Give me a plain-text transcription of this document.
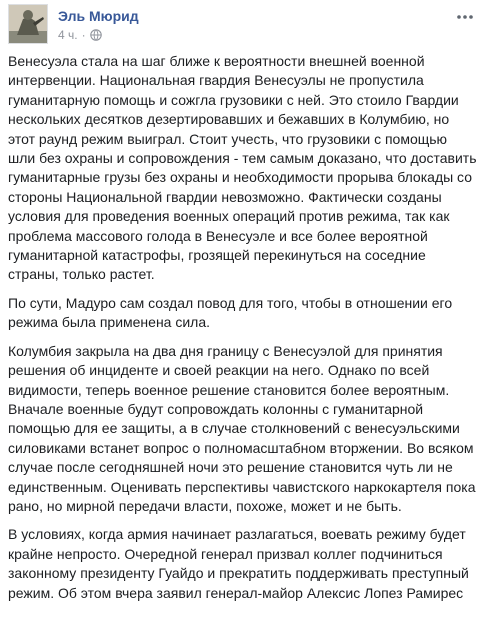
Эль Мюрид
4 ч. ·

Венесуэла стала на шаг ближе к вероятности внешней военной интервенции. Национальная гвардия Венесуэлы не пропустила гуманитарную помощь и сожгла грузовики с ней. Это стоило Гвардии нескольких десятков дезертировавших и бежавших в Колумбию, но этот раунд режим выиграл. Стоит учесть, что грузовики с помощью шли без охраны и сопровождения - тем самым доказано, что доставить гуманитарные грузы без охраны и необходимости прорыва блокады со стороны Национальной гвардии невозможно. Фактически созданы условия для проведения военных операций против режима, так как проблема массового голода в Венесуэле и все более вероятной гуманитарной катастрофы, грозящей перекинуться на соседние страны, только растет.

По сути, Мадуро сам создал повод для того, чтобы в отношении его режима была применена сила.

Колумбия закрыла на два дня границу с Венесуэлой для принятия решения об инциденте и своей реакции на него. Однако по всей видимости, теперь военное решение становится более вероятным. Вначале военные будут сопровождать колонны с гуманитарной помощью для ее защиты, а в случае столкновений с венесуэльскими силовиками встанет вопрос о полномасштабном вторжении. Во всяком случае после сегодняшней ночи это решение становится чуть ли не единственным. Оценивать перспективы чавистского наркокартеля пока рано, но мирной передачи власти, похоже, может и не быть.

В условиях, когда армия начинает разлагаться, воевать режиму будет крайне непросто. Очередной генерал призвал коллег подчиниться законному президенту Гуайдо и прекратить поддерживать преступный режим. Об этом вчера заявил генерал-майор Алексис Лопез Рамирес
